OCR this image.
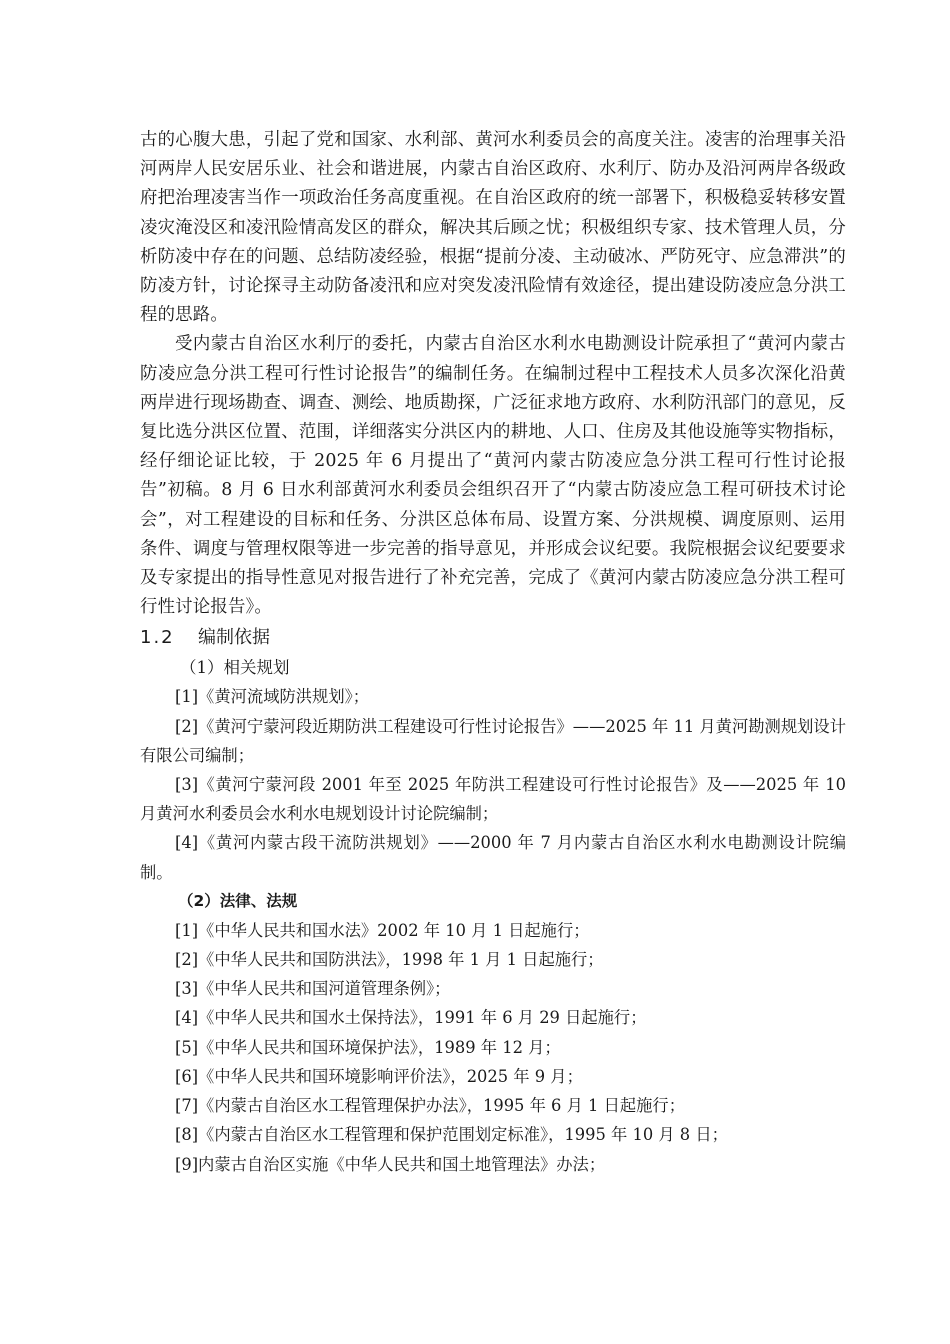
古的心腹大患，引起了党和国家、水利部、黄河水利委员会的高度关注。凌害的治理事关沿河两岸人民安居乐业、社会和谐进展，内蒙古自治区政府、水利厅、防办及沿河两岸各级政府把治理凌害当作一项政治任务高度重视。在自治区政府的统一部署下，积极稳妥转移安置凌灾淹没区和凌汛险情高发区的群众，解决其后顾之忧；积极组织专家、技术管理人员，分析防凌中存在的问题、总结防凌经验，根据“提前分凌、主动破冰、严防死守、应急滞洪”的防凌方针，讨论探寻主动防备凌汛和应对突发凌汛险情有效途径，提出建设防凌应急分洪工程的思路。

受内蒙古自治区水利厅的委托，内蒙古自治区水利水电勘测设计院承担了“黄河内蒙古防凌应急分洪工程可行性讨论报告”的编制任务。在编制过程中工程技术人员多次深化沿黄两岸进行现场勘查、调查、测绘、地质勘探，广泛征求地方政府、水利防汛部门的意见，反复比选分洪区位置、范围，详细落实分洪区内的耕地、人口、住房及其他设施等实物指标，经仔细论证比较，于 2025 年 6 月提出了“黄河内蒙古防凌应急分洪工程可行性讨论报告”初稿。8 月 6 日水利部黄河水利委员会组织召开了“内蒙古防凌应急工程可研技术讨论会”，对工程建设的目标和任务、分洪区总体布局、设置方案、分洪规模、调度原则、运用条件、调度与管理权限等进一步完善的指导意见，并形成会议纪要。我院根据会议纪要要求及专家提出的指导性意见对报告进行了补充完善，完成了《黄河内蒙古防凌应急分洪工程可行性讨论报告》。

1.2	编制依据

（1）相关规划

[1]《黄河流域防洪规划》；

[2]《黄河宁蒙河段近期防洪工程建设可行性讨论报告》——2025 年 11 月黄河勘测规划设计有限公司编制；

[3]《黄河宁蒙河段 2001 年至 2025 年防洪工程建设可行性讨论报告》及——2025 年 10 月黄河水利委员会水利水电规划设计讨论院编制；

[4]《黄河内蒙古段干流防洪规划》——2000 年 7 月内蒙古自治区水利水电勘测设计院编制。

（2）法律、法规

[1]《中华人民共和国水法》2002 年 10 月 1 日起施行；

[2]《中华人民共和国防洪法》，1998 年 1 月 1 日起施行；

[3]《中华人民共和国河道管理条例》；

[4]《中华人民共和国水土保持法》，1991 年 6 月 29 日起施行；

[5]《中华人民共和国环境保护法》，1989 年 12 月；

[6]《中华人民共和国环境影响评价法》，2025 年 9 月；

[7]《内蒙古自治区水工程管理保护办法》，1995 年 6 月 1 日起施行；

[8]《内蒙古自治区水工程管理和保护范围划定标准》，1995 年 10 月 8 日；

[9]内蒙古自治区实施《中华人民共和国土地管理法》办法；
